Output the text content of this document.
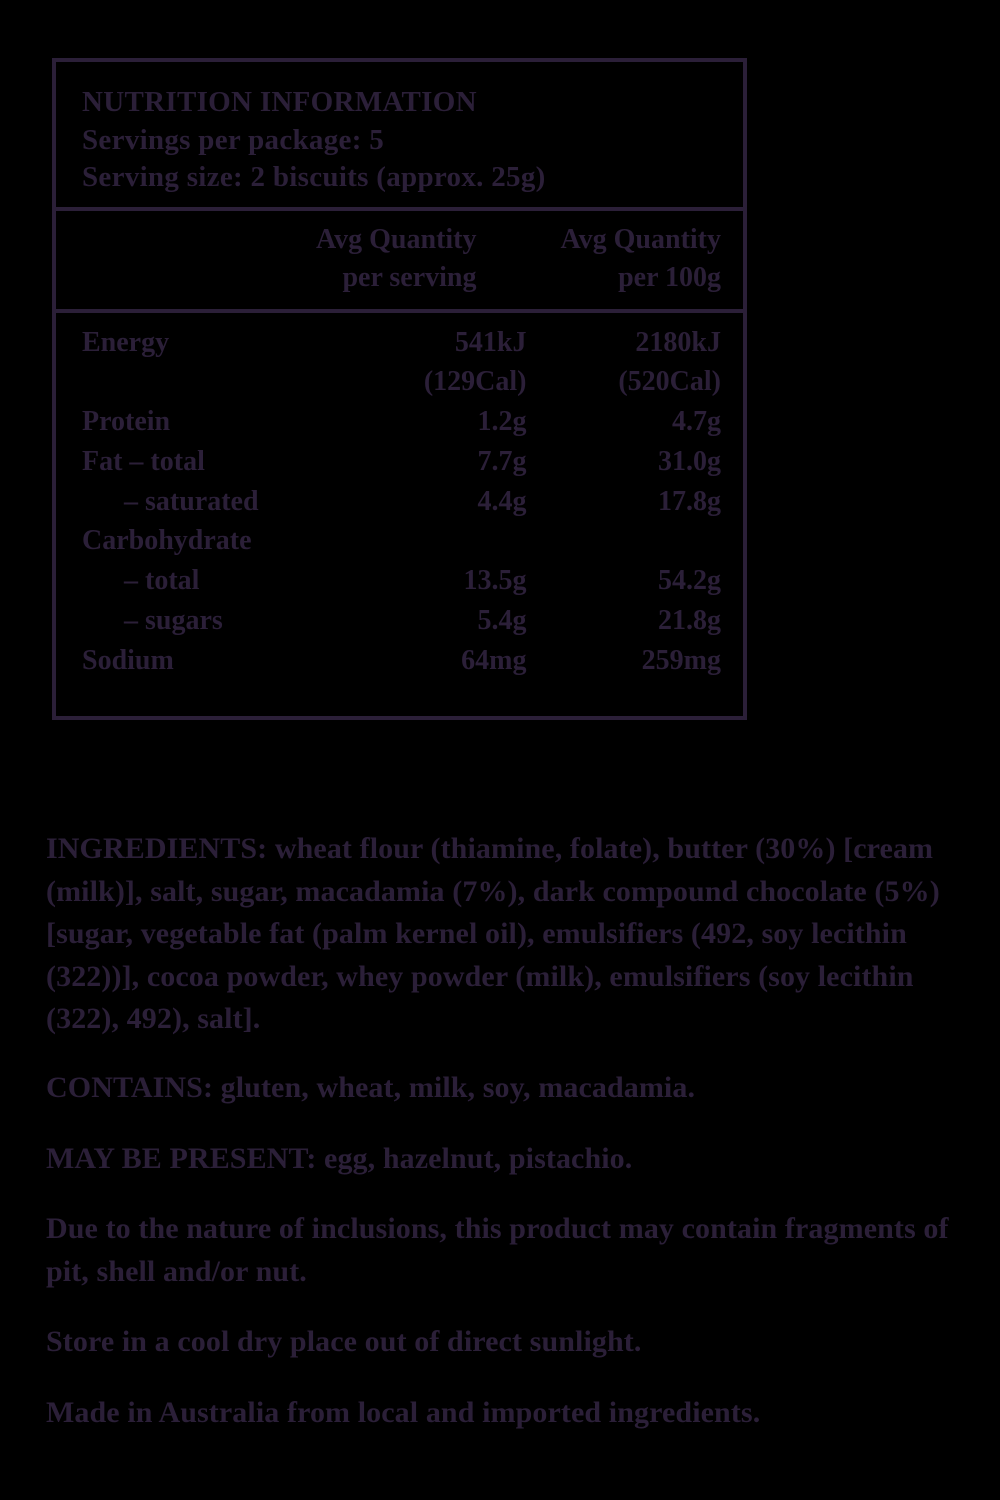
NUTRITION INFORMATION
Servings per package: 5
Serving size: 2 biscuits (approx. 25g)
Avg Quantity
per serving
Avg Quantity
per 100g
Energy	541kJ	2180kJ
(129Cal)	(520Cal)
Protein	1.2g	4.7g
Fat – total	7.7g	31.0g
– saturated	4.4g	17.8g
Carbohydrate
– total	13.5g	54.2g
– sugars	5.4g	21.8g
Sodium	64mg	259mg

INGREDIENTS: wheat flour (thiamine, folate), butter (30%) [cream (milk)], salt, sugar, macadamia (7%), dark compound chocolate (5%) [sugar, vegetable fat (palm kernel oil), emulsifiers (492, soy lecithin (322))], cocoa powder, whey powder (milk), emulsifiers (soy lecithin (322), 492), salt].

CONTAINS: gluten, wheat, milk, soy, macadamia.

MAY BE PRESENT: egg, hazelnut, pistachio.

Due to the nature of inclusions, this product may contain fragments of pit, shell and/or nut.

Store in a cool dry place out of direct sunlight.

Made in Australia from local and imported ingredients.
